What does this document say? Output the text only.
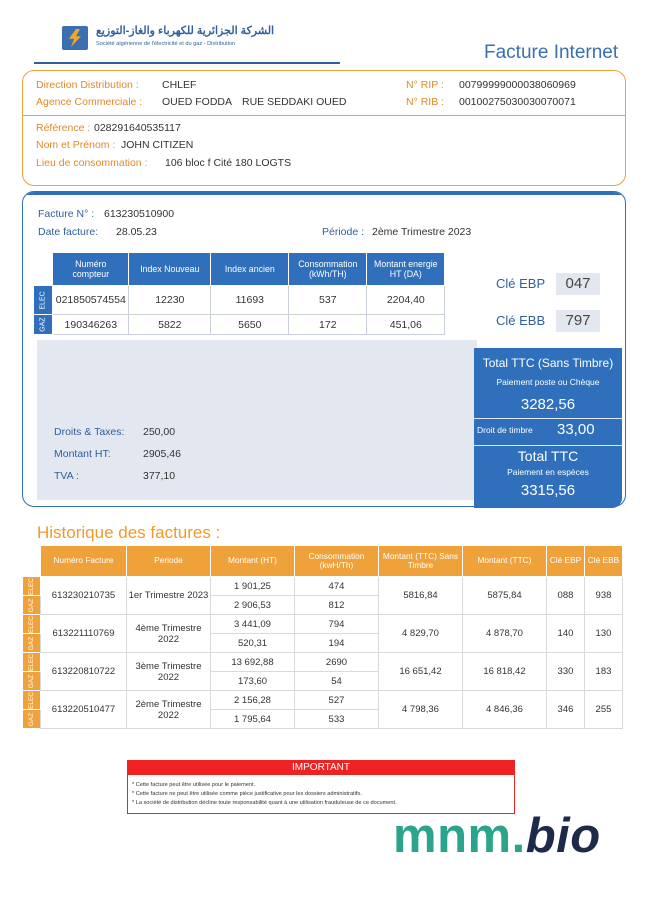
الشركة الجزائرية للكهرباء والغاز-التوزيع
Société algérienne de l'électricité et du gaz - Distribution	Facture Internet
Direction Distribution : CHLEF
Agence Commerciale : OUED FODDA RUE SEDDAKI OUED
N° RIP : 00799999000038060969
N° RIB : 00100275030030070071
Référence : 028291640535117
Nom et Prénom : JOHN CITIZEN
Lieu de consommation : 106 bloc f Cité 180 LOGTS
Facture N° : 613230510900
Date facture: 28.05.23	Période : 2ème Trimestre 2023
	Numéro compteur	Index Nouveau	Index ancien	Consommation (kWh/TH)	Montant energie HT (DA)
ELEC	021850574554	12230	11693	537	2204,40
GAZ	190346263	5822	5650	172	451,06
Clé EBP	047
Clé EBB	797
Droits & Taxes: 250,00
Montant HT:	2905,46
TVA :	377,10
Total TTC (Sans Timbre)
Paiement poste ou Chèque
3282,56
Droit de timbre 33,00
Total TTC
Paiement en espèces
3315,56
Historique des factures :
	Numéro Facture	Periode	Montant (HT)	Consommation (kwH/Th)	Montant (TTC) Sans Timbre	Montant (TTC)	Clé EBP	Clé EBB
ELEC	613230210735	1er Trimestre 2023	1 901,25	474	5816,84	5875,84	088	938
GAZ			2 906,53	812				
ELEC	613221110769	4ème Trimestre 2022	3 441,09	794	4 829,70	4 878,70	140	130
GAZ			520,31	194				
ELEC	613220810722	3ème Trimestre 2022	13 692,88	2690	16 651,42	16 818,42	330	183
GAZ			173,60	54				
ELEC	613220510477	2ème Trimestre 2022	2 156,28	527	4 798,36	4 846,36	346	255
GAZ			1 795,64	533				
IMPORTANT
* Cette facture peut être utilisée pour le paiement.
* Cette facture ne peut être utilisée comme pièce justificative pour les dossiers administratifs.
* La société de distribution décline toute responsabilité quant à une utilisation frauduleuse de ce document.
mnm.bio
